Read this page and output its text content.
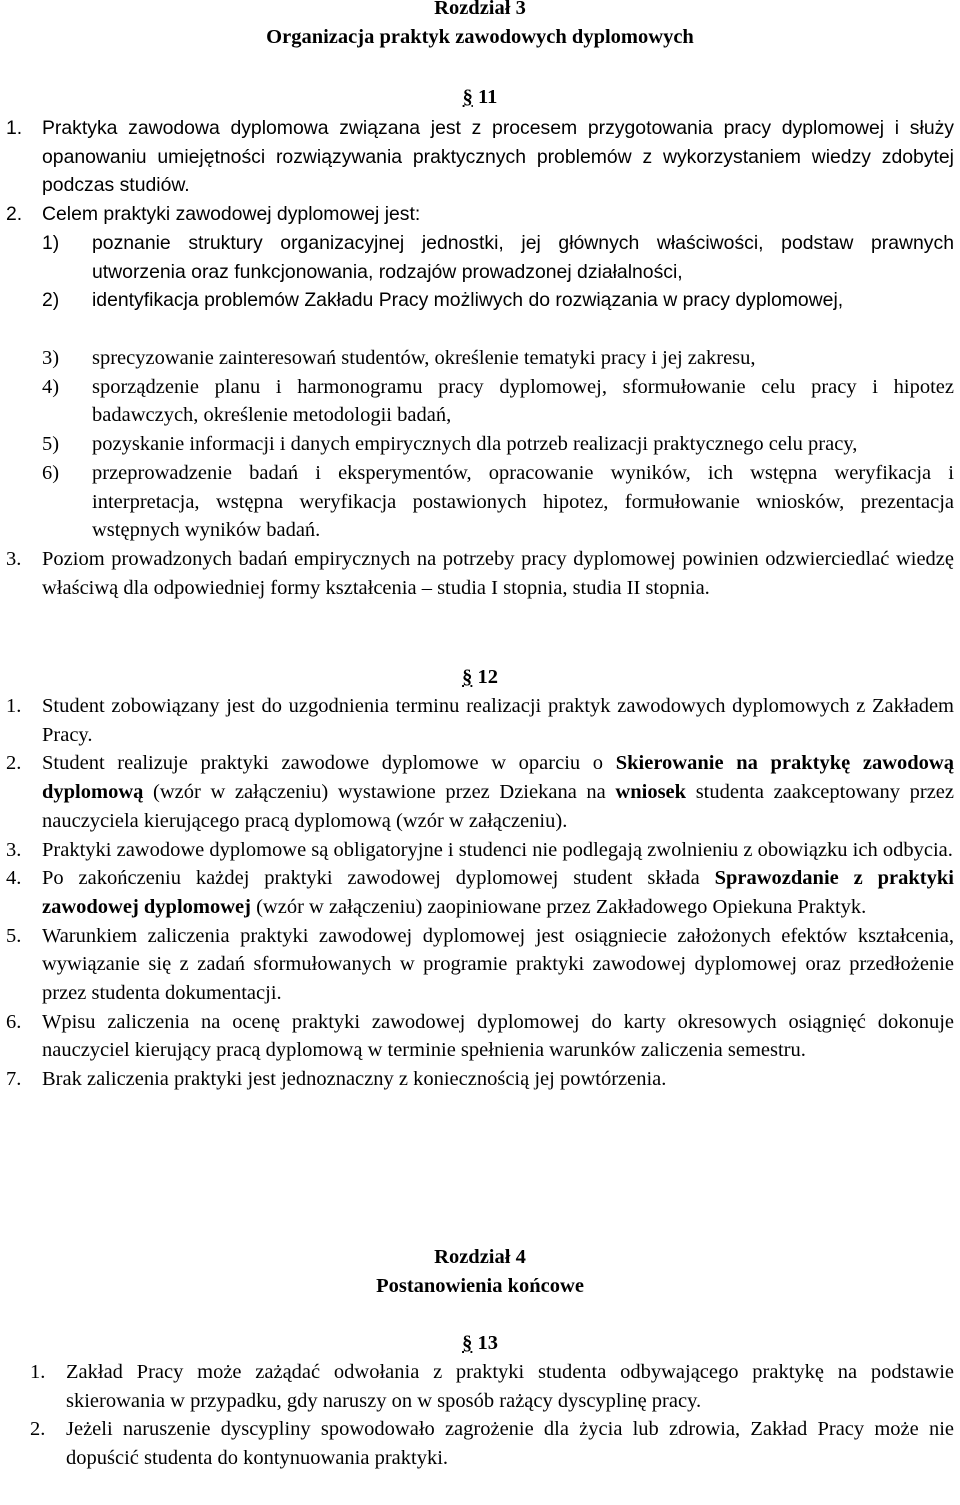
Rozdział 3

Organizacja praktyk zawodowych dyplomowych

§ 11

1. Praktyka zawodowa dyplomowa związana jest z procesem przygotowania pracy dyplomowej i służy opanowaniu umiejętności rozwiązywania praktycznych problemów z wykorzystaniem wiedzy zdobytej podczas studiów.
2. Celem praktyki zawodowej dyplomowej jest:
1) poznanie struktury organizacyjnej jednostki, jej głównych właściwości, podstaw prawnych utworzenia oraz funkcjonowania, rodzajów prowadzonej działalności,
2) identyfikacja problemów Zakładu Pracy możliwych do rozwiązania w pracy dyplomowej,
3) sprecyzowanie zainteresowań studentów, określenie tematyki pracy i jej zakresu,
4) sporządzenie planu i harmonogramu pracy dyplomowej, sformułowanie celu pracy i hipotez badawczych, określenie metodologii badań,
5) pozyskanie informacji i danych empirycznych dla potrzeb realizacji praktycznego celu pracy,
6) przeprowadzenie badań i eksperymentów, opracowanie wyników, ich wstępna weryfikacja i interpretacja, wstępna weryfikacja postawionych hipotez, formułowanie wniosków, prezentacja wstępnych wyników badań.
3. Poziom prowadzonych badań empirycznych na potrzeby pracy dyplomowej powinien odzwierciedlać wiedzę właściwą dla odpowiedniej formy kształcenia – studia I stopnia, studia II stopnia.

§ 12

1. Student zobowiązany jest do uzgodnienia terminu realizacji praktyk zawodowych dyplomowych z Zakładem Pracy.
2. Student realizuje praktyki zawodowe dyplomowe w oparciu o Skierowanie na praktykę zawodową dyplomową (wzór w załączeniu) wystawione przez Dziekana na wniosek studenta zaakceptowany przez nauczyciela kierującego pracą dyplomową (wzór w załączeniu).
3. Praktyki zawodowe dyplomowe są obligatoryjne i studenci nie podlegają zwolnieniu z obowiązku ich odbycia.
4. Po zakończeniu każdej praktyki zawodowej dyplomowej student składa Sprawozdanie z praktyki zawodowej dyplomowej (wzór w załączeniu) zaopiniowane przez Zakładowego Opiekuna Praktyk.
5. Warunkiem zaliczenia praktyki zawodowej dyplomowej jest osiągniecie założonych efektów kształcenia, wywiązanie się z zadań sformułowanych w programie praktyki zawodowej dyplomowej oraz przedłożenie przez studenta dokumentacji.
6. Wpisu zaliczenia na ocenę praktyki zawodowej dyplomowej do karty okresowych osiągnięć dokonuje nauczyciel kierujący pracą dyplomową w terminie spełnienia warunków zaliczenia semestru.
7. Brak zaliczenia praktyki jest jednoznaczny z koniecznością jej powtórzenia.

Rozdział 4

Postanowienia końcowe

§ 13

1. Zakład Pracy może zażądać odwołania z praktyki studenta odbywającego praktykę na podstawie skierowania w przypadku, gdy naruszy on w sposób rażący dyscyplinę pracy.
2. Jeżeli naruszenie dyscypliny spowodowało zagrożenie dla życia lub zdrowia, Zakład Pracy może nie dopuścić studenta do kontynuowania praktyki.
